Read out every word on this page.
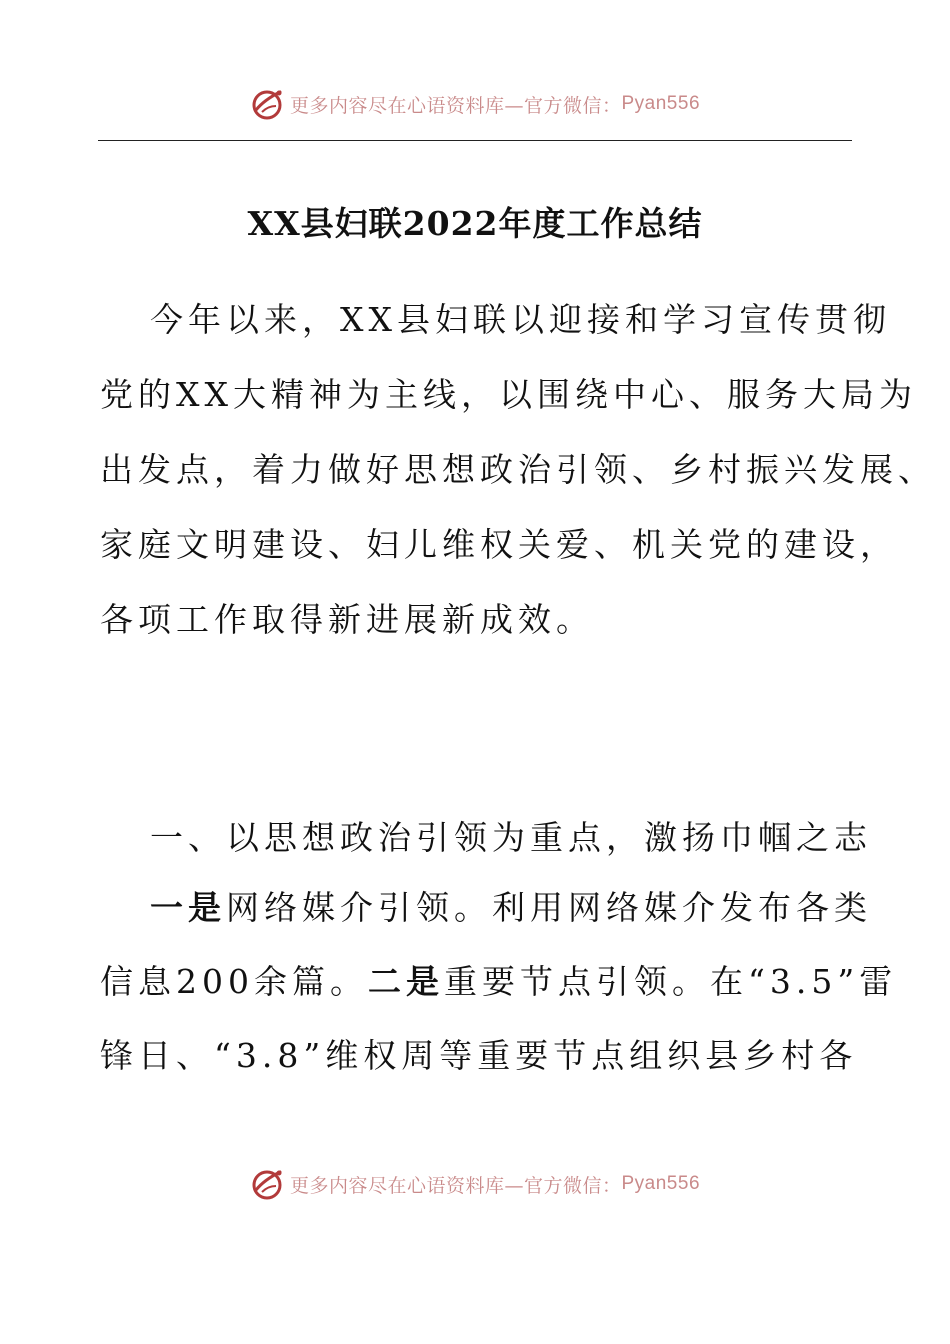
更多内容尽在心语资料库—官方微信： Pyan556
XX县妇联2022年度工作总结
今年以来，XX县妇联以迎接和学习宣传贯彻
党的XX大精神为主线，以围绕中心、服务大局为
出发点，着力做好思想政治引领、乡村振兴发展、
家庭文明建设、妇儿维权关爱、机关党的建设，
各项工作取得新进展新成效。
一、以思想政治引领为重点，激扬巾帼之志
一是网络媒介引领。利用网络媒介发布各类
信息200余篇。二是重要节点引领。在“3.5”雷
锋日、“3.8”维权周等重要节点组织县乡村各
更多内容尽在心语资料库—官方微信： Pyan556
